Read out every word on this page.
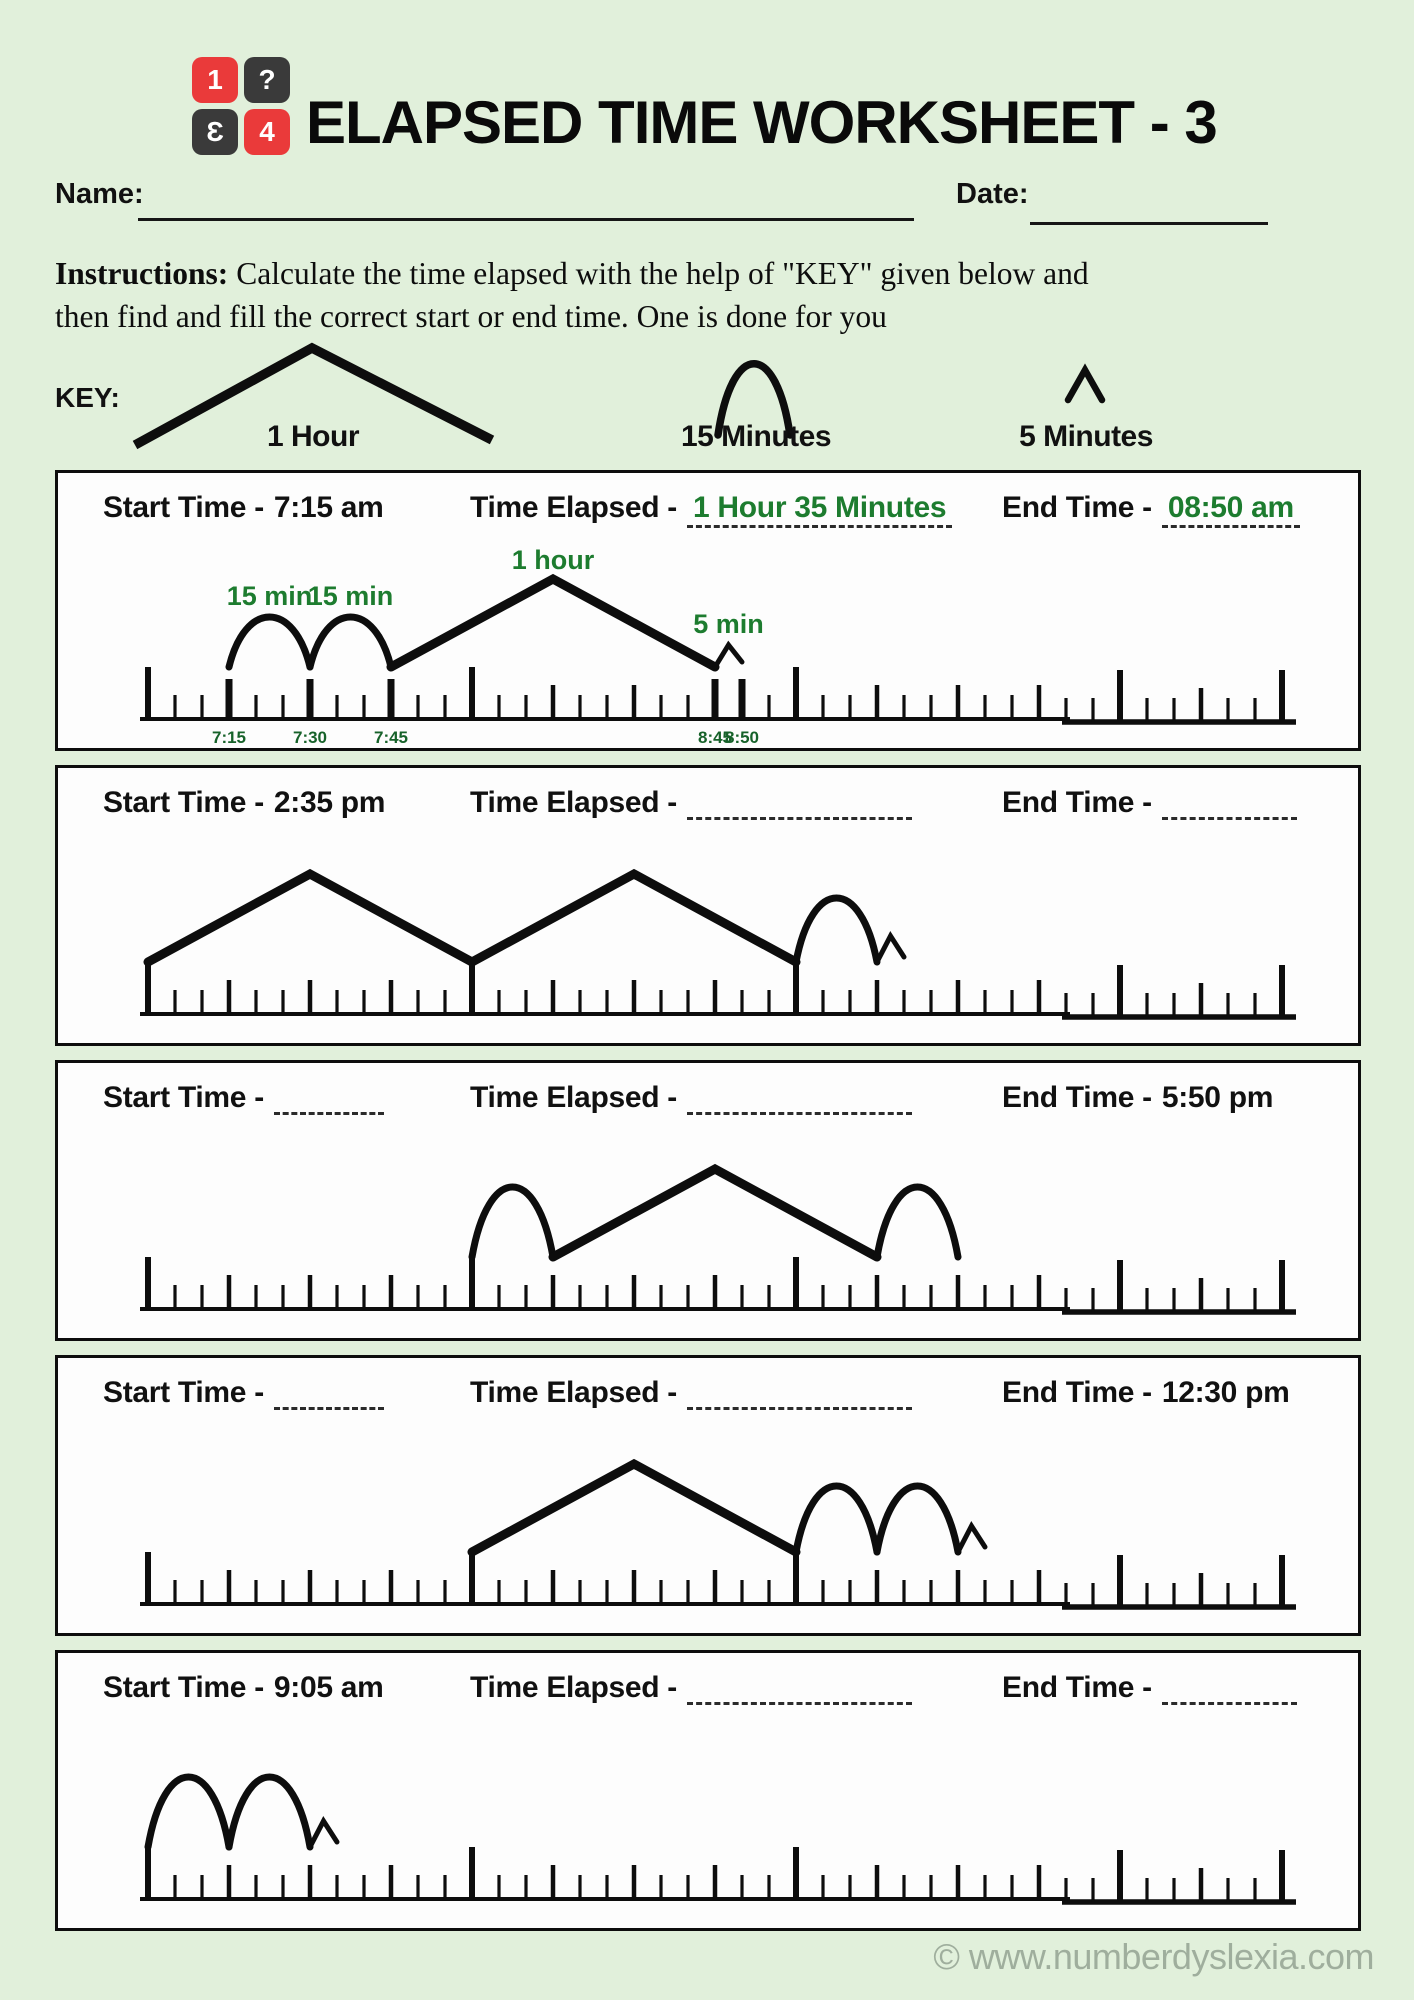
1	?
Ɛ	4 ELAPSED TIME WORKSHEET - 3
Name:	Date:

Instructions: Calculate the time elapsed with the help of "KEY" given below and
then find and fill the correct start or end time. One is done for you

KEY:
1 Hour	15 Minutes	5 Minutes
Start Time - 7:15 am	Time Elapsed - 1 Hour 35 Minutes End Time - 08:50 am
15 min
15 min
1 hour
5 min
7:15	7:30	7:45	8:45
8:50
Start Time - 2:35 pm	Time Elapsed -	End Time -
Start Time -	Time Elapsed -	End Time - 5:50 pm
Start Time -	Time Elapsed -	End Time - 12:30 pm
Start Time - 9:05 am	Time Elapsed -	End Time -
© www.numberdyslexia.com
